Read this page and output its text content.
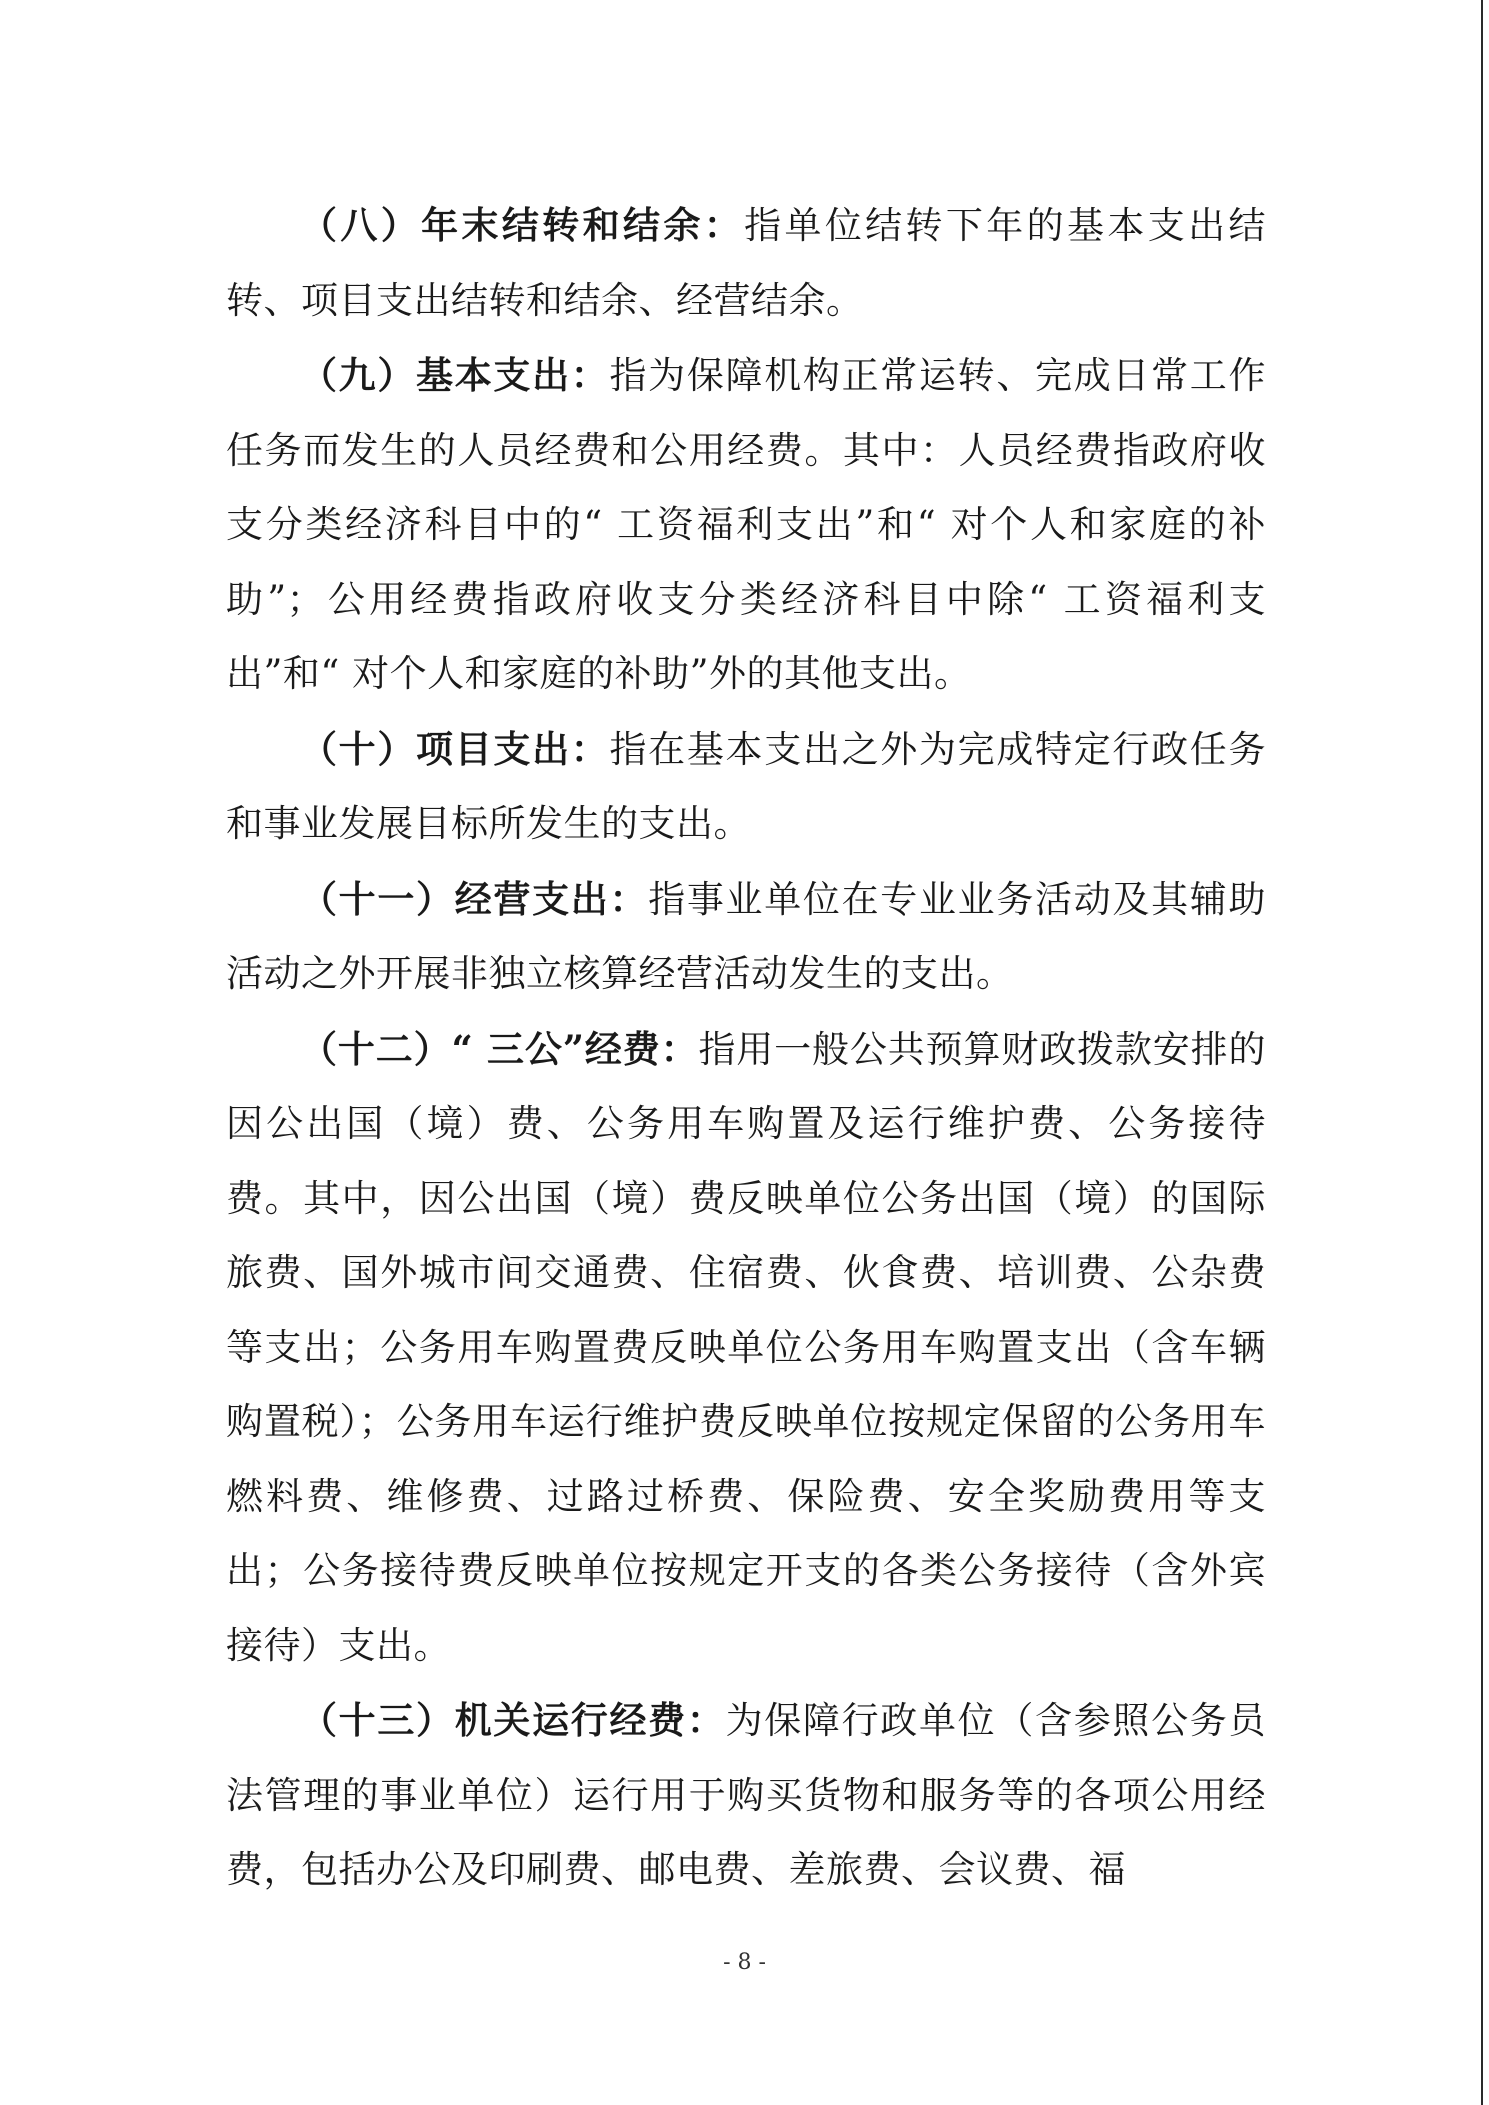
（八）年末结转和结余：指单位结转下年的基本支出结转、项目支出结转和结余、经营结余。

（九）基本支出：指为保障机构正常运转、完成日常工作任务而发生的人员经费和公用经费。其中：人员经费指政府收支分类经济科目中的“ 工资福利支出”和“ 对个人和家庭的补助”；公用经费指政府收支分类经济科目中除“ 工资福利支出”和“ 对个人和家庭的补助”外的其他支出。

（十）项目支出：指在基本支出之外为完成特定行政任务和事业发展目标所发生的支出。

（十一）经营支出：指事业单位在专业业务活动及其辅助活动之外开展非独立核算经营活动发生的支出。

（十二）“ 三公”经费：指用一般公共预算财政拨款安排的因公出国（境）费、公务用车购置及运行维护费、公务接待费。其中，因公出国（境）费反映单位公务出国（境）的国际旅费、国外城市间交通费、住宿费、伙食费、培训费、公杂费等支出；公务用车购置费反映单位公务用车购置支出（含车辆购置税）；公务用车运行维护费反映单位按规定保留的公务用车燃料费、维修费、过路过桥费、保险费、安全奖励费用等支出；公务接待费反映单位按规定开支的各类公务接待（含外宾接待）支出。

（十三）机关运行经费：为保障行政单位（含参照公务员法管理的事业单位）运行用于购买货物和服务等的各项公用经费，包括办公及印刷费、邮电费、差旅费、会议费、福

- 8 -
